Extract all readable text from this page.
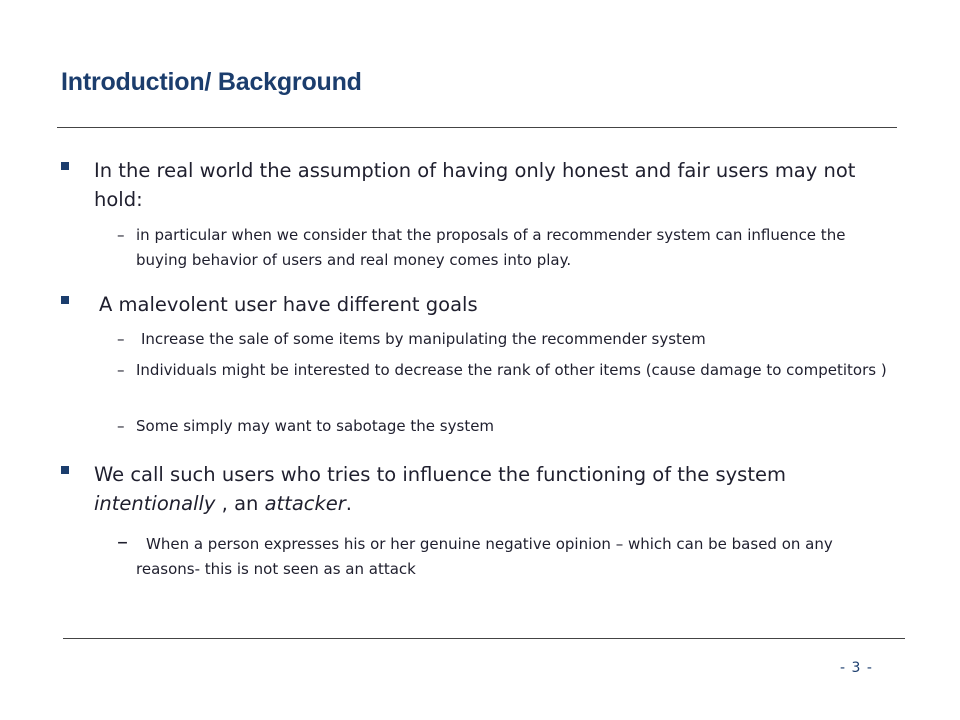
Introduction/ Background
In the real world the assumption of having only honest and fair users may not hold:
– in particular when we consider that the proposals of a recommender system can influence the buying behavior of users and real money comes into play.
A malevolent user have different goals
– Increase the sale of some items by manipulating the recommender system
– Individuals might be interested to decrease the rank of other items (cause damage to competitors )
– Some simply may want to sabotage the system
We call such users who tries to influence the functioning of the system intentionally , an attacker.
–	When a person expresses his or her genuine negative opinion – which can be based on any reasons- this is not seen as an attack
- 3 -
